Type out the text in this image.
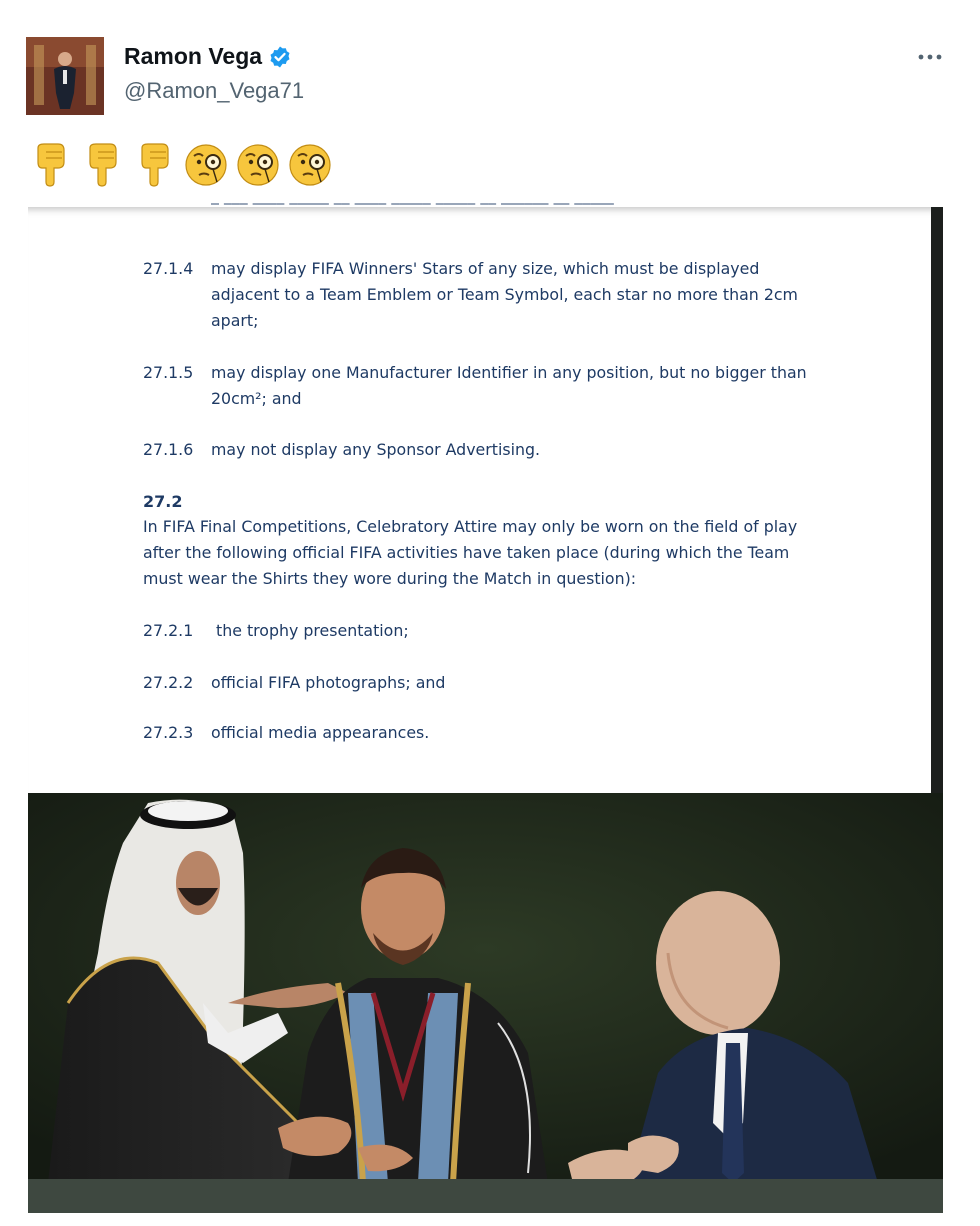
Ramon Vega
@Ramon_Vega71
⎯ ⎯⎯⎯ ⎯⎯⎯⎯ ⎯⎯⎯⎯⎯ ⎯⎯ ⎯⎯⎯⎯ ⎯⎯⎯⎯⎯ ⎯⎯⎯⎯⎯ ⎯⎯ ⎯⎯⎯⎯⎯⎯ ⎯⎯ ⎯⎯⎯⎯⎯
27.1.4 may display FIFA Winners' Stars of any size, which must be displayed adjacent to a Team Emblem or Team Symbol, each star no more than 2cm apart;
27.1.5 may display one Manufacturer Identifier in any position, but no bigger than 20cm²; and
27.1.6 may not display any Sponsor Advertising.
27.2
In FIFA Final Competitions, Celebratory Attire may only be worn on the field of play after the following official FIFA activities have taken place (during which the Team must wear the Shirts they wore during the Match in question):
27.2.1 the trophy presentation;
27.2.2 official FIFA photographs; and
27.2.3 official media appearances.
